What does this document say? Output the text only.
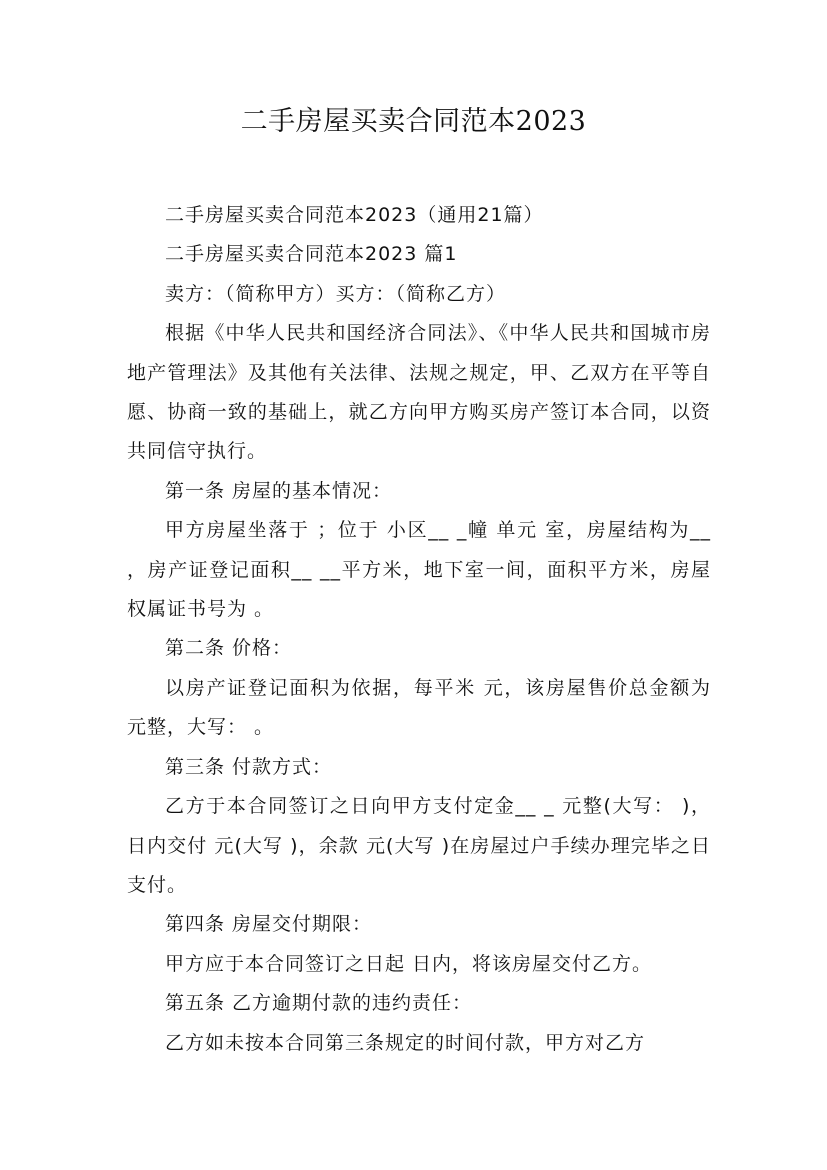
二手房屋买卖合同范本2023

二手房屋买卖合同范本2023（通用21篇）

二手房屋买卖合同范本2023 篇1

卖方：（简称甲方）买方：（简称乙方）

根据《中华人民共和国经济合同法》、《中华人民共和国城市房地产管理法》及其他有关法律、法规之规定，甲、乙双方在平等自愿、协商一致的基础上，就乙方向甲方购买房产签订本合同，以资共同信守执行。

第一条 房屋的基本情况：

甲方房屋坐落于 ；位于 小区__ _幢 单元 室，房屋结构为__ ，房产证登记面积__ __平方米，地下室一间，面积平方米，房屋权属证书号为 。

第二条 价格：

以房产证登记面积为依据，每平米 元，该房屋售价总金额为 元整，大写： 。

第三条 付款方式：

乙方于本合同签订之日向甲方支付定金__ _ 元整(大写： )， 日内交付 元(大写 )，余款 元(大写 )在房屋过户手续办理完毕之日支付。

第四条 房屋交付期限：

甲方应于本合同签订之日起 日内，将该房屋交付乙方。

第五条 乙方逾期付款的违约责任：

乙方如未按本合同第三条规定的时间付款，甲方对乙方
